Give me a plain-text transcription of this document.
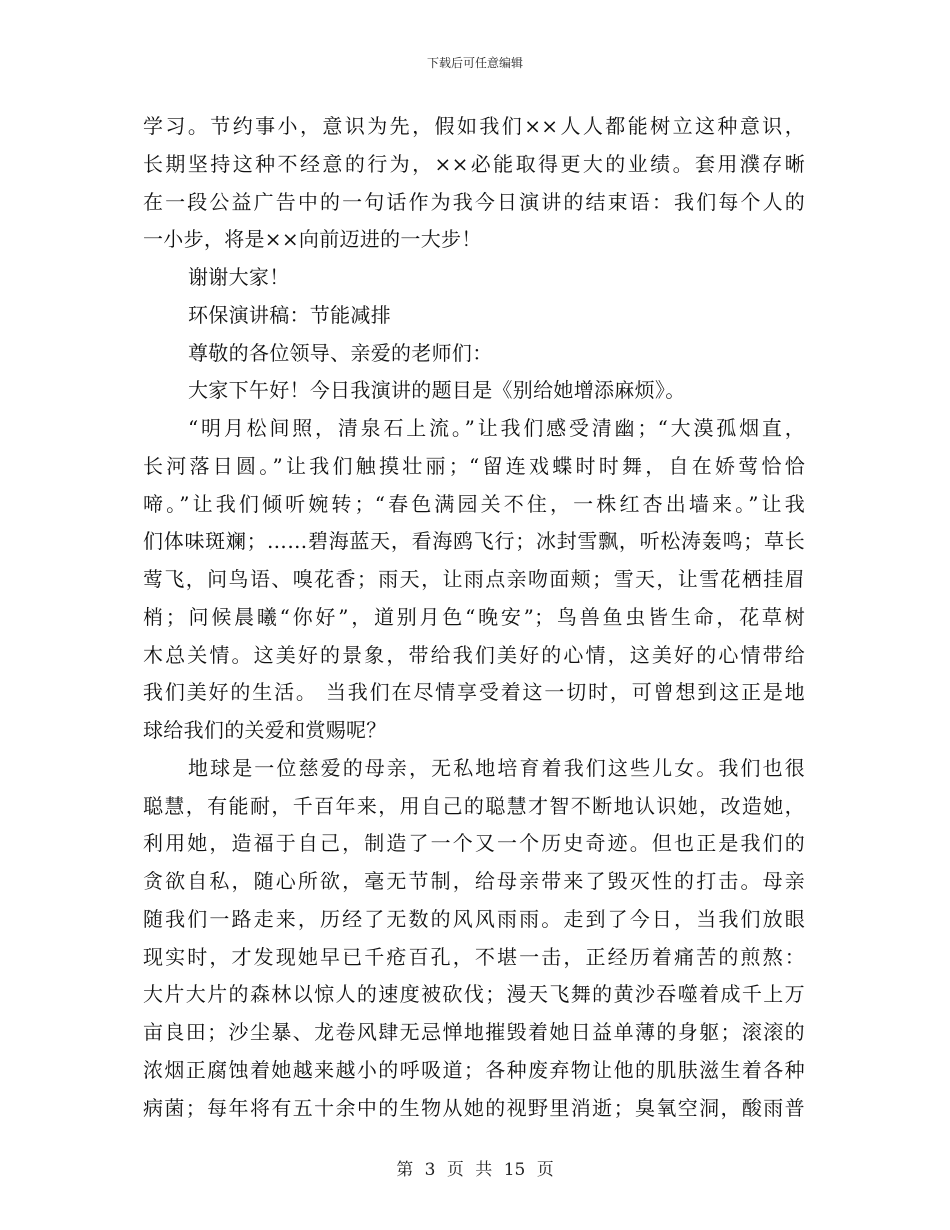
下载后可任意编辑
学习。节约事小，意识为先，假如我们××人人都能树立这种意识，
长期坚持这种不经意的行为，××必能取得更大的业绩。套用濮存晰
在一段公益广告中的一句话作为我今日演讲的结束语：我们每个人的
一小步，将是××向前迈进的一大步！
谢谢大家！
环保演讲稿：节能减排
尊敬的各位领导、亲爱的老师们：
大家下午好！今日我演讲的题目是《别给她增添麻烦》。
“明月松间照，清泉石上流。”让我们感受清幽；“大漠孤烟直，
长河落日圆。”让我们触摸壮丽；“留连戏蝶时时舞，自在娇莺恰恰
啼。”让我们倾听婉转；“春色满园关不住，一株红杏出墙来。”让我
们体味斑斓；……碧海蓝天，看海鸥飞行；冰封雪飘，听松涛轰鸣；草长
莺飞，问鸟语、嗅花香；雨天，让雨点亲吻面颊；雪天，让雪花栖挂眉
梢；问候晨曦“你好”，道别月色“晚安”；鸟兽鱼虫皆生命，花草树
木总关情。这美好的景象，带给我们美好的心情，这美好的心情带给
我们美好的生活。 当我们在尽情享受着这一切时，可曾想到这正是地
球给我们的关爱和赏赐呢？
地球是一位慈爱的母亲，无私地培育着我们这些儿女。我们也很
聪慧，有能耐，千百年来，用自己的聪慧才智不断地认识她，改造她，
利用她，造福于自己，制造了一个又一个历史奇迹。但也正是我们的
贪欲自私，随心所欲，毫无节制，给母亲带来了毁灭性的打击。母亲
随我们一路走来，历经了无数的风风雨雨。走到了今日，当我们放眼
现实时，才发现她早已千疮百孔，不堪一击，正经历着痛苦的煎熬：
大片大片的森林以惊人的速度被砍伐；漫天飞舞的黄沙吞噬着成千上万
亩良田；沙尘暴、龙卷风肆无忌惮地摧毁着她日益单薄的身躯；滚滚的
浓烟正腐蚀着她越来越小的呼吸道；各种废弃物让他的肌肤滋生着各种
病菌；每年将有五十余中的生物从她的视野里消逝；臭氧空洞，酸雨普
第 3 页 共 15 页
